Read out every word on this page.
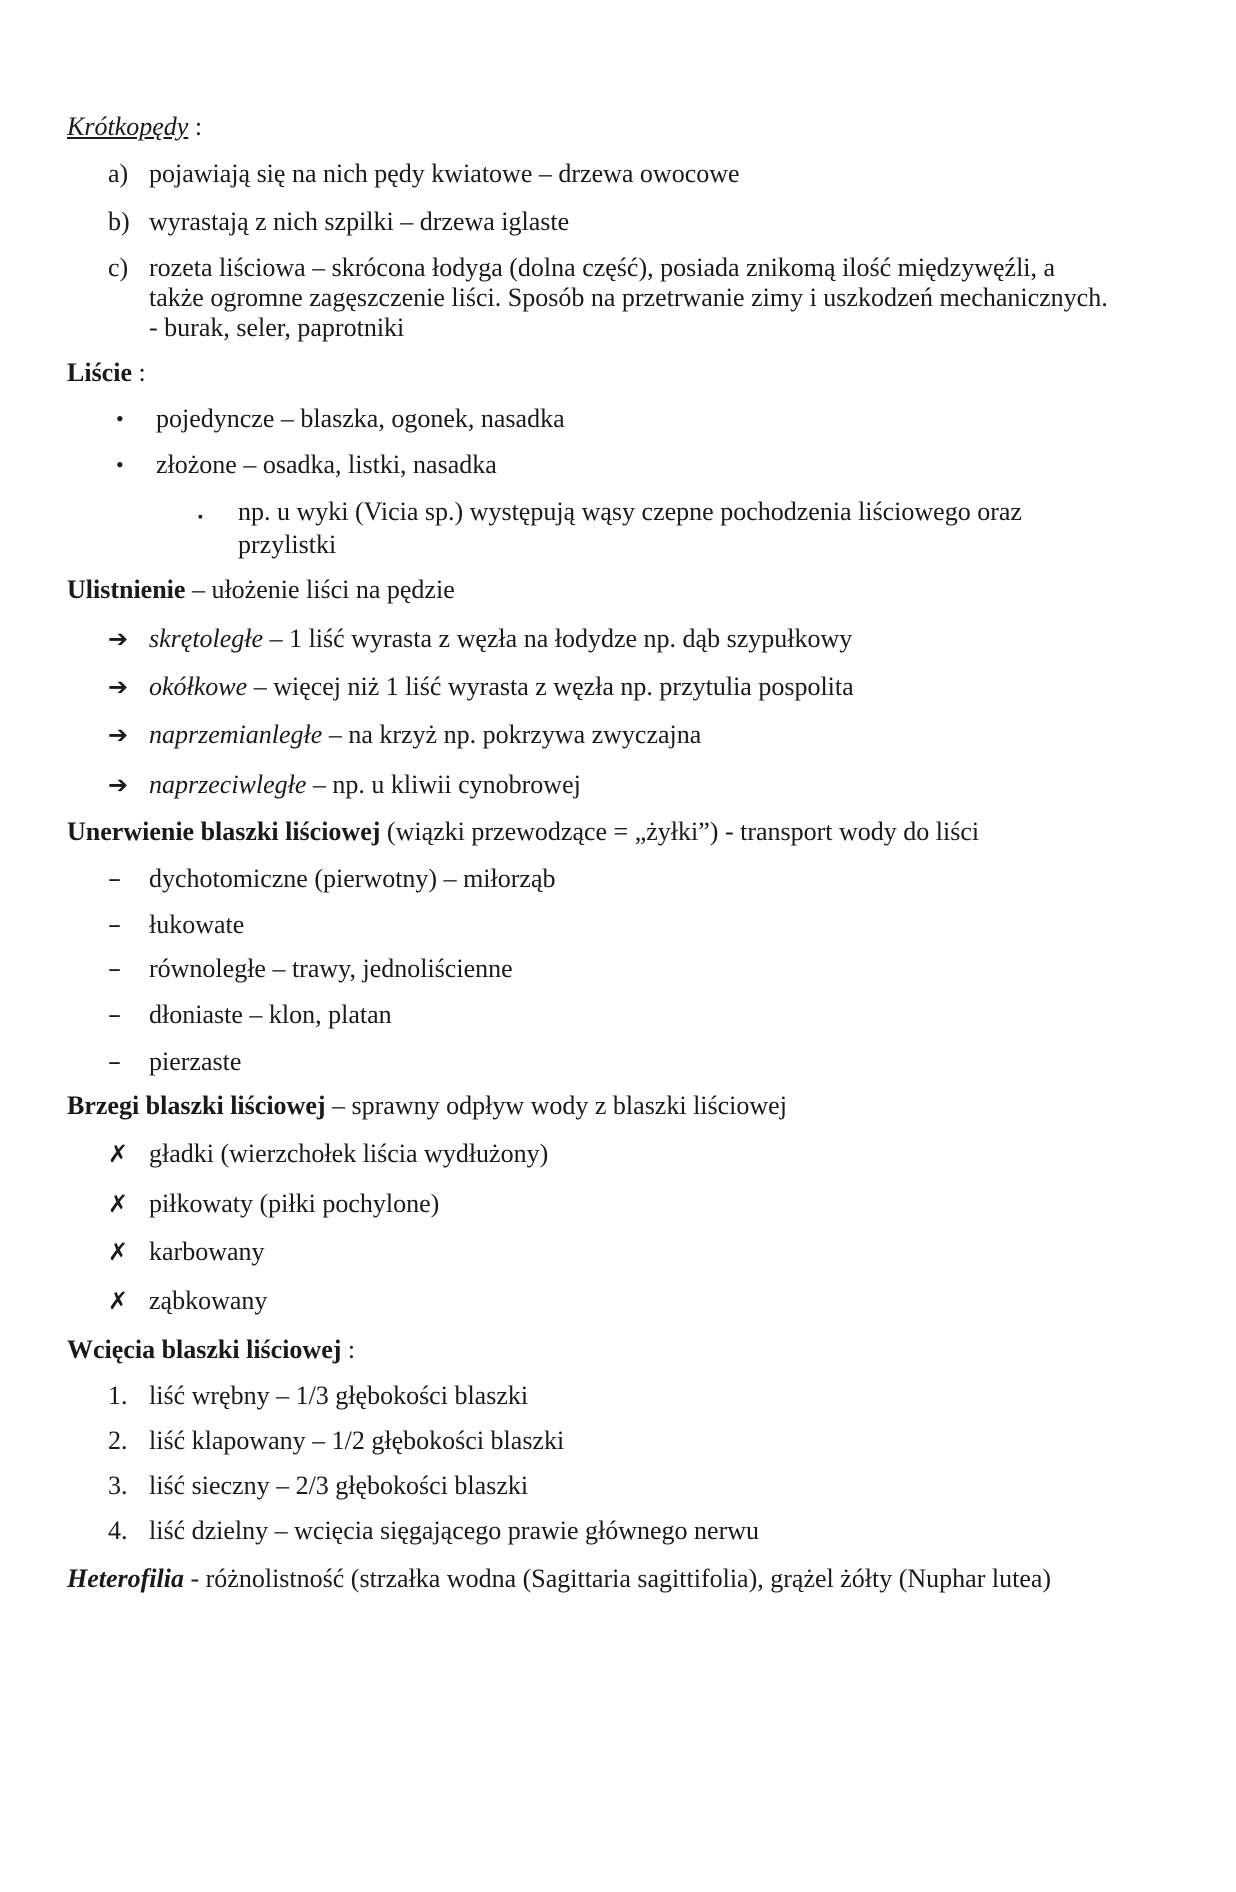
Krótkopędy :
a) pojawiają się na nich pędy kwiatowe – drzewa owocowe
b) wyrastają z nich szpilki – drzewa iglaste
c) rozeta liściowa – skrócona łodyga (dolna część), posiada znikomą ilość międzywęźli, a
także ogromne zagęszczenie liści. Sposób na przetrwanie zimy i uszkodzeń mechanicznych.
- burak, seler, paprotniki
Liście :
• pojedyncze – blaszka, ogonek, nasadka
• złożone – osadka, listki, nasadka
▪ np. u wyki (Vicia sp.) występują wąsy czepne pochodzenia liściowego oraz
przylistki
Ulistnienie – ułożenie liści na pędzie
➔ skrętoległe – 1 liść wyrasta z węzła na łodydze np. dąb szypułkowy
➔ okółkowe – więcej niż 1 liść wyrasta z węzła np. przytulia pospolita
➔ naprzemianległe – na krzyż np. pokrzywa zwyczajna
➔ naprzeciwległe – np. u kliwii cynobrowej
Unerwienie blaszki liściowej (wiązki przewodzące = „żyłki”) - transport wody do liści
– dychotomiczne (pierwotny) – miłorząb
– łukowate
– równoległe – trawy, jednoliścienne
– dłoniaste – klon, platan
– pierzaste
Brzegi blaszki liściowej – sprawny odpływ wody z blaszki liściowej
✗ gładki (wierzchołek liścia wydłużony)
✗ piłkowaty (piłki pochylone)
✗ karbowany
✗ ząbkowany
Wcięcia blaszki liściowej :
1. liść wrębny – 1/3 głębokości blaszki
2. liść klapowany – 1/2 głębokości blaszki
3. liść sieczny – 2/3 głębokości blaszki
4. liść dzielny – wcięcia sięgającego prawie głównego nerwu
Heterofilia - różnolistność (strzałka wodna (Sagittaria sagittifolia), grążel żółty (Nuphar lutea)
